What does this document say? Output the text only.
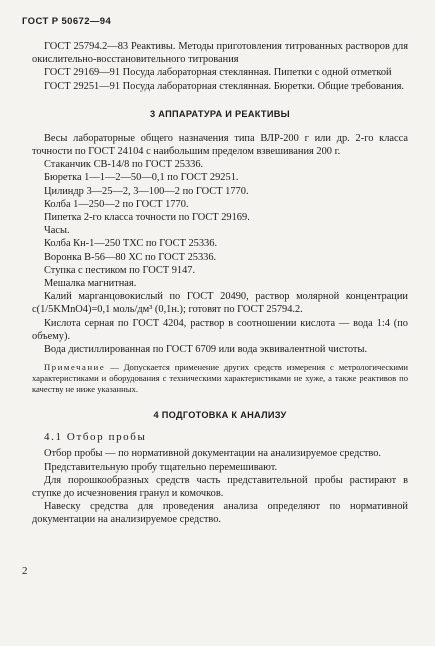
ГОСТ Р 50672—94

ГОСТ 25794.2—83 Реактивы. Методы приготовления титрованных растворов для окислительно-восстановительного титрования

ГОСТ 29169—91 Посуда лабораторная стеклянная. Пипетки с одной отметкой

ГОСТ 29251—91 Посуда лабораторная стеклянная. Бюретки. Общие требования.

3 АППАРАТУРА И РЕАКТИВЫ

Весы лабораторные общего назначения типа ВЛР-200 г или др. 2-го класса точности по ГОСТ 24104 с наибольшим пределом взвешивания 200 г.

Стаканчик СВ-14/8 по ГОСТ 25336.

Бюретка 1—1—2—50—0,1 по ГОСТ 29251.

Цилиндр 3—25—2, 3—100—2 по ГОСТ 1770.

Колба 1—250—2 по ГОСТ 1770.

Пипетка 2-го класса точности по ГОСТ 29169.

Часы.

Колба Кн-1—250 ТХС по ГОСТ 25336.

Воронка В-56—80 ХС по ГОСТ 25336.

Ступка с пестиком по ГОСТ 9147.

Мешалка магнитная.

Калий марганцовокислый по ГОСТ 20490, раствор молярной концентрации c(1/5KMnO4)=0,1 моль/дм³ (0,1н.); готовят по ГОСТ 25794.2.

Кислота серная по ГОСТ 4204, раствор в соотношении кислота — вода 1:4 (по объему).

Вода дистиллированная по ГОСТ 6709 или вода эквивалентной чистоты.

Примечание — Допускается применение других средств измерения с метрологическими характеристиками и оборудования с техническими характеристиками не хуже, а также реактивов по качеству не ниже указанных.

4 ПОДГОТОВКА К АНАЛИЗУ

4.1 Отбор пробы

Отбор пробы — по нормативной документации на анализируемое средство.

Представительную пробу тщательно перемешивают.

Для порошкообразных средств часть представительной пробы растирают в ступке до исчезновения гранул и комочков.

Навеску средства для проведения анализа определяют по нормативной документации на анализируемое средство.

2
